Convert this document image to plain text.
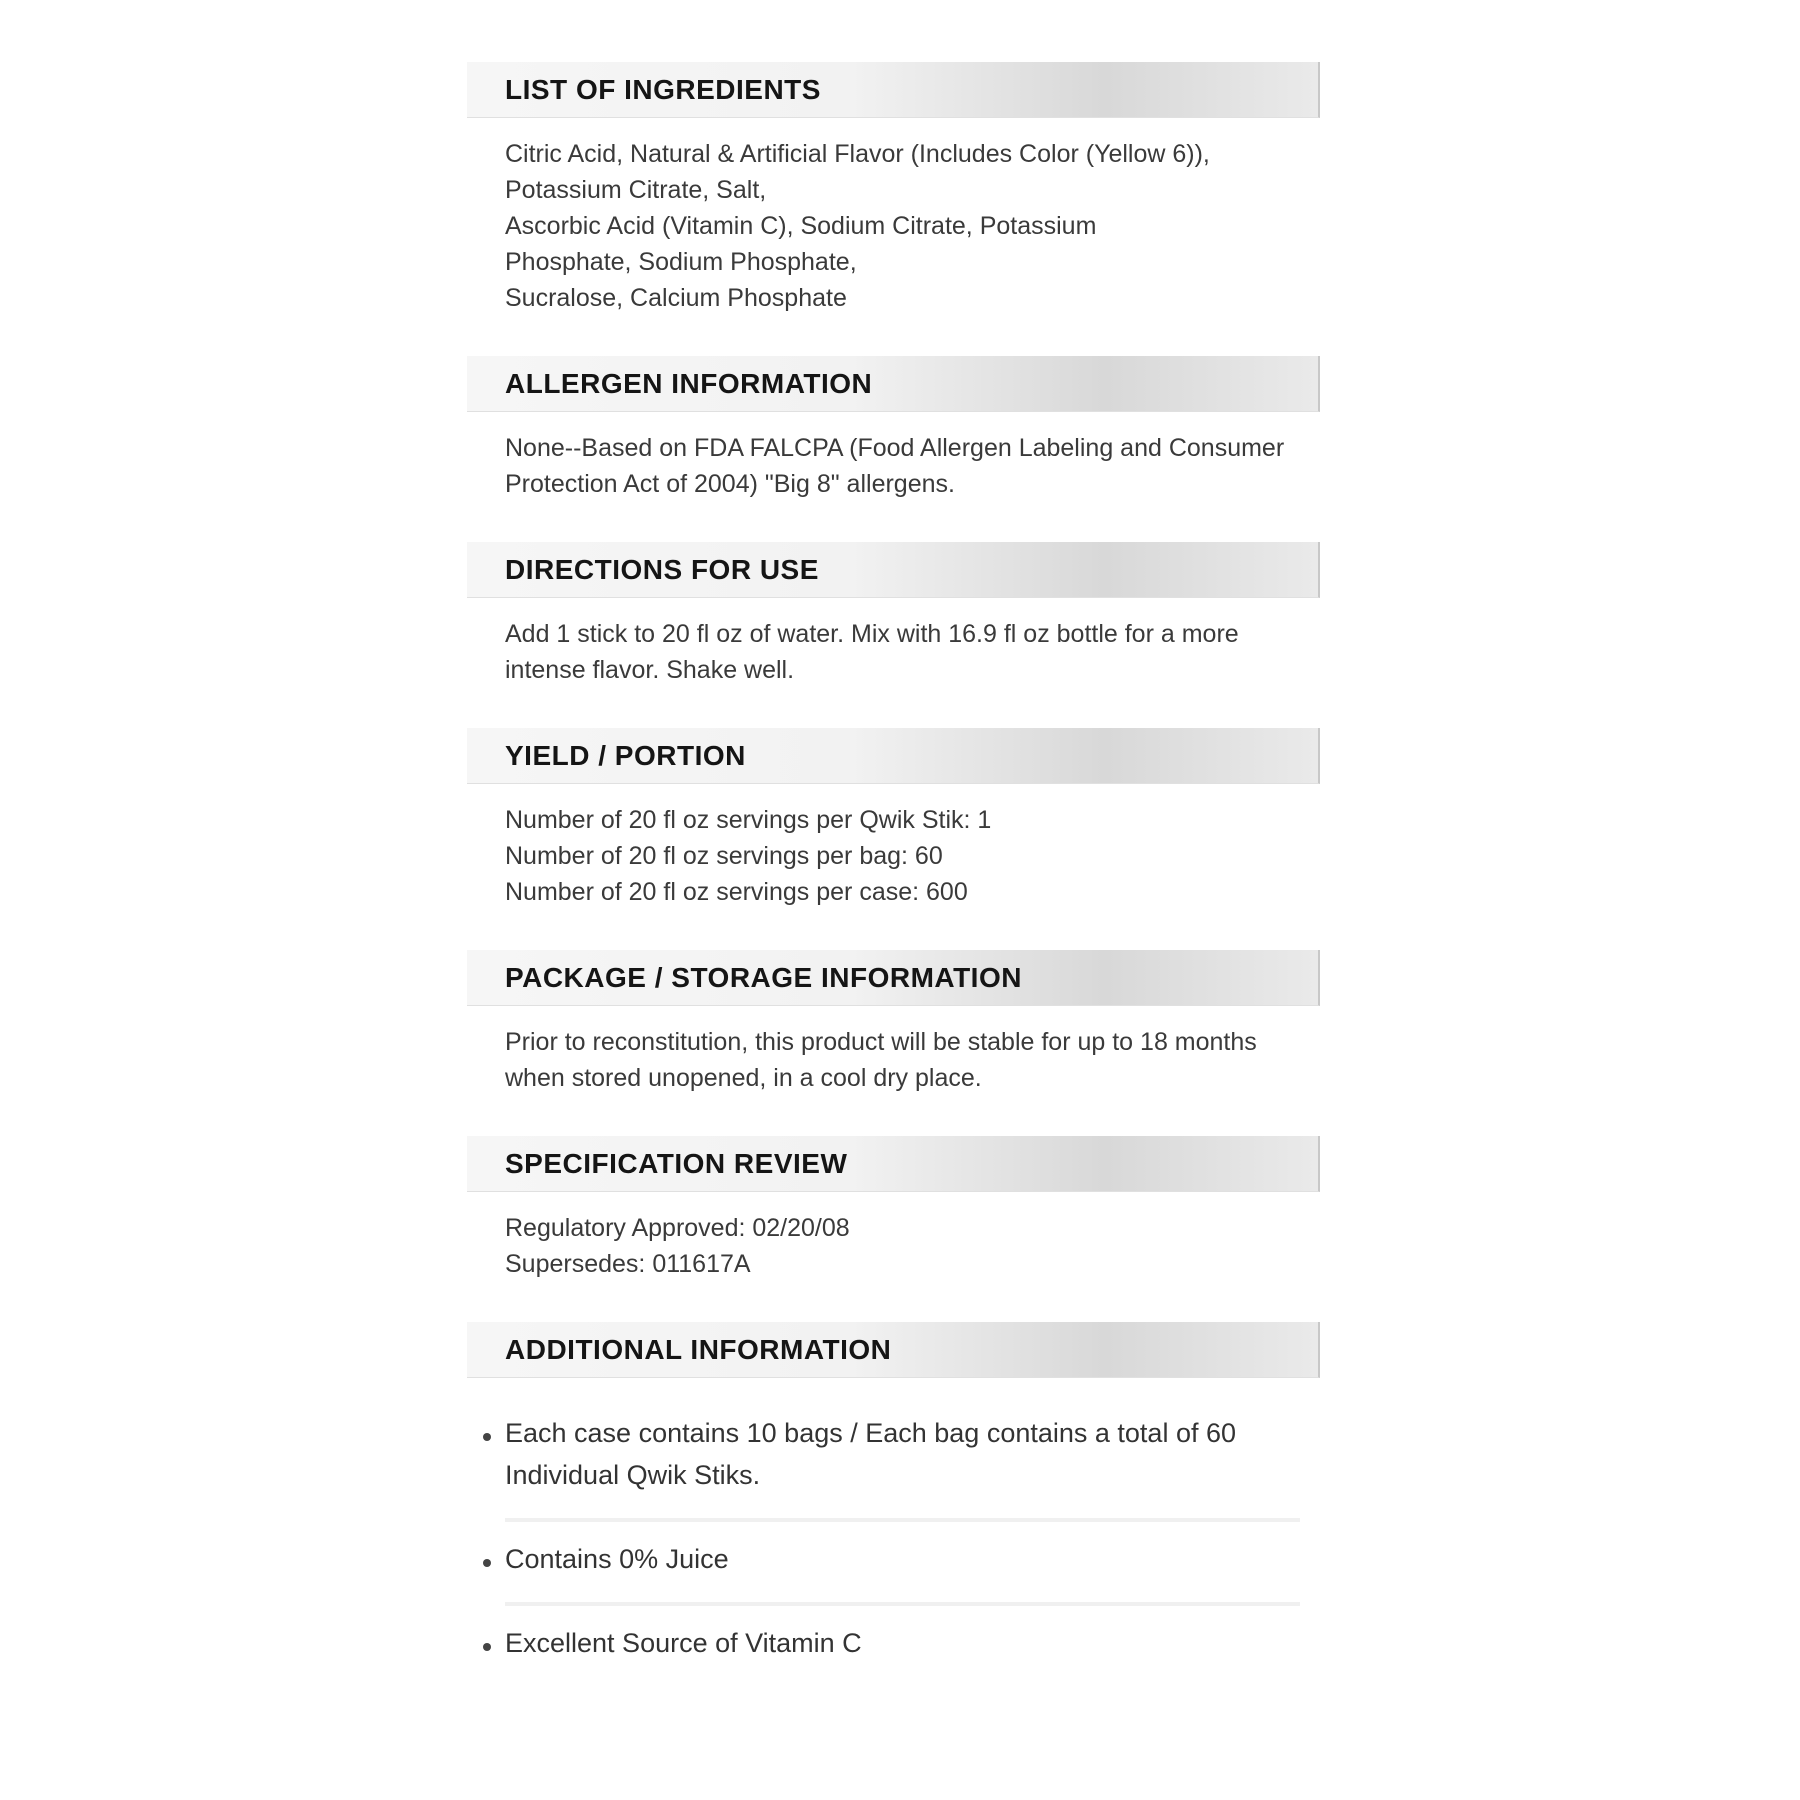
LIST OF INGREDIENTS
Citric Acid, Natural & Artificial Flavor (Includes Color (Yellow 6)),
Potassium Citrate, Salt,
Ascorbic Acid (Vitamin C), Sodium Citrate, Potassium
Phosphate, Sodium Phosphate,
Sucralose, Calcium Phosphate
ALLERGEN INFORMATION
None--Based on FDA FALCPA (Food Allergen Labeling and Consumer Protection Act of 2004) "Big 8" allergens.
DIRECTIONS FOR USE
Add 1 stick to 20 fl oz of water. Mix with 16.9 fl oz bottle for a more intense flavor. Shake well.
YIELD / PORTION
Number of 20 fl oz servings per Qwik Stik: 1
Number of 20 fl oz servings per bag: 60
Number of 20 fl oz servings per case: 600
PACKAGE / STORAGE INFORMATION
Prior to reconstitution, this product will be stable for up to 18 months when stored unopened, in a cool dry place.
SPECIFICATION REVIEW
Regulatory Approved: 02/20/08
Supersedes: 011617A
ADDITIONAL INFORMATION
Each case contains 10 bags / Each bag contains a total of 60 Individual Qwik Stiks.
Contains 0% Juice
Excellent Source of Vitamin C
